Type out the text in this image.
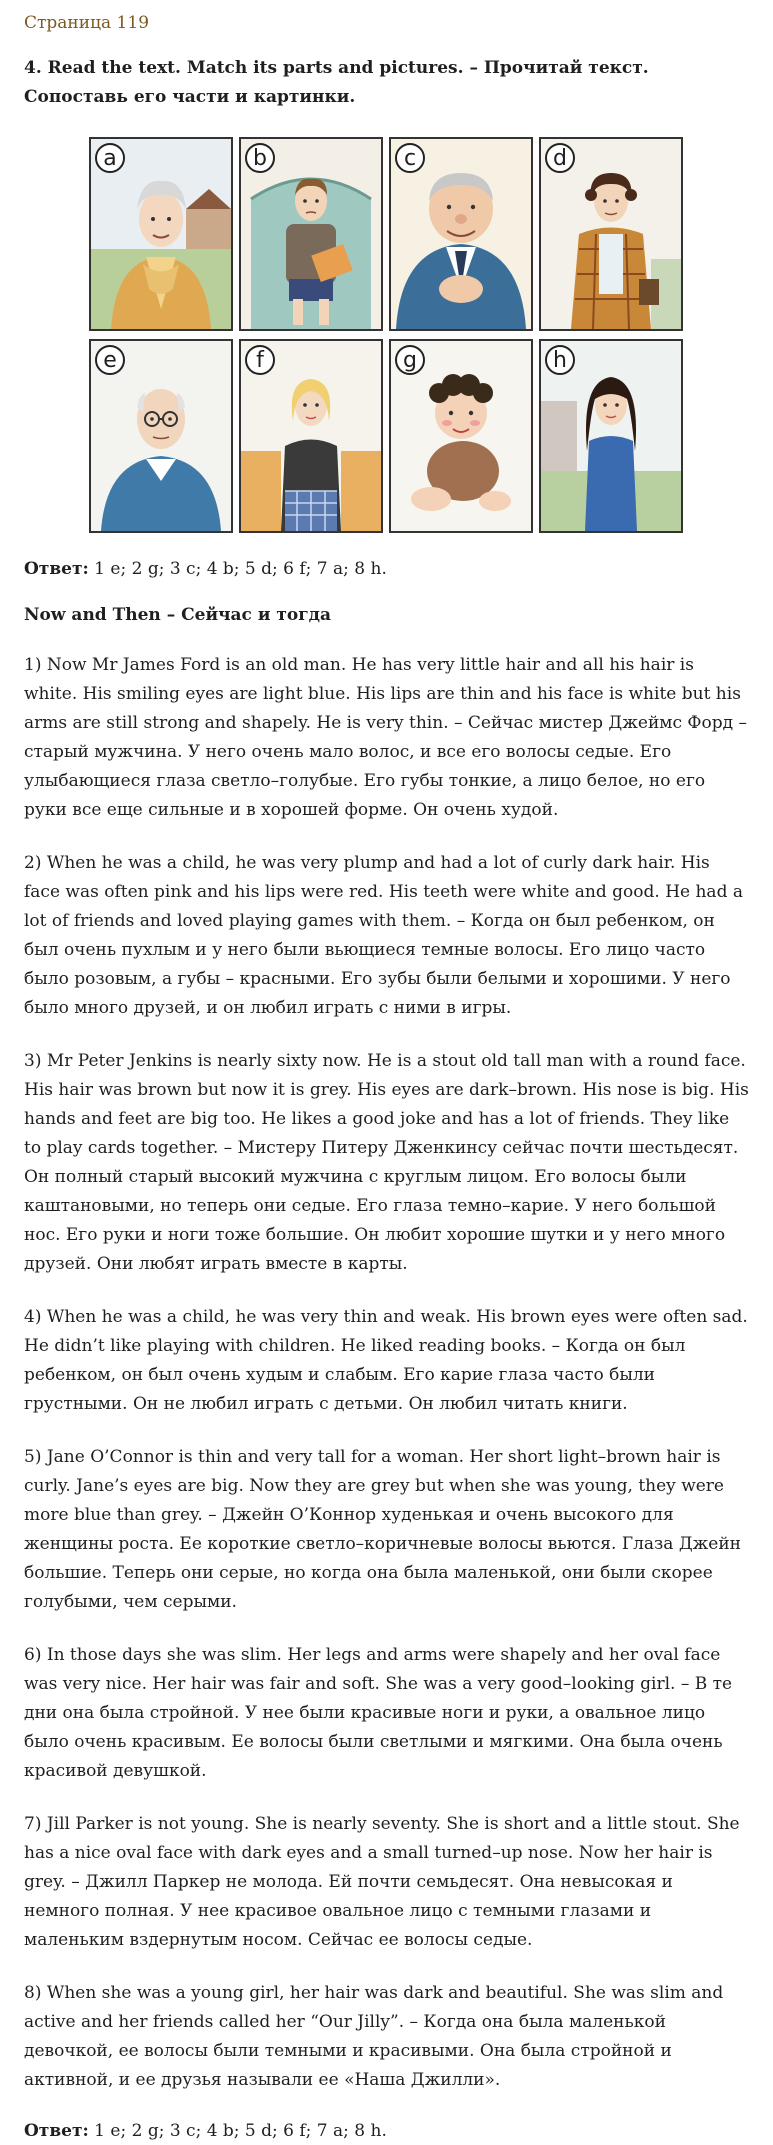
Страница 119
4. Read the text. Match its parts and pictures. – Прочитай текст. Сопоставь его части и картинки.
a	b	c	d
e	f	g	h
Ответ: 1 e; 2 g; 3 c; 4 b; 5 d; 6 f; 7 a; 8 h.
Now and Then – Сейчас и тогда

1) Now Mr James Ford is an old man. He has very little hair and all his hair is white. His smiling eyes are light blue. His lips are thin and his face is white but his arms are still strong and shapely. He is very thin. – Сейчас мистер Джеймс Форд – старый мужчина. У него очень мало волос, и все его волосы седые. Его улыбающиеся глаза светло–голубые. Его губы тонкие, а лицо белое, но его руки все еще сильные и в хорошей форме. Он очень худой.

2) When he was a child, he was very plump and had a lot of curly dark hair. His face was often pink and his lips were red. His teeth were white and good. He had a lot of friends and loved playing games with them. – Когда он был ребенком, он был очень пухлым и у него были вьющиеся темные волосы. Его лицо часто было розовым, а губы – красными. Его зубы были белыми и хорошими. У него было много друзей, и он любил играть с ними в игры.

3) Mr Peter Jenkins is nearly sixty now. He is a stout old tall man with a round face. His hair was brown but now it is grey. His eyes are dark–brown. His nose is big. His hands and feet are big too. He likes a good joke and has a lot of friends. They like to play cards together. – Мистеру Питеру Дженкинсу сейчас почти шестьдесят. Он полный старый высокий мужчина с круглым лицом. Его волосы были каштановыми, но теперь они седые. Его глаза темно–карие. У него большой нос. Его руки и ноги тоже большие. Он любит хорошие шутки и у него много друзей. Они любят играть вместе в карты.

4) When he was a child, he was very thin and weak. His brown eyes were often sad. He didn’t like playing with children. He liked reading books. – Когда он был ребенком, он был очень худым и слабым. Его карие глаза часто были грустными. Он не любил играть с детьми. Он любил читать книги.

5) Jane O’Connor is thin and very tall for a woman. Her short light–brown hair is curly. Jane’s eyes are big. Now they are grey but when she was young, they were more blue than grey. – Джейн О’Коннор худенькая и очень высокого для женщины роста. Ее короткие светло–коричневые волосы вьются. Глаза Джейн большие. Теперь они серые, но когда она была маленькой, они были скорее голубыми, чем серыми.

6) In those days she was slim. Her legs and arms were shapely and her oval face was very nice. Her hair was fair and soft. She was a very good–looking girl. – В те дни она была стройной. У нее были красивые ноги и руки, а овальное лицо было очень красивым. Ее волосы были светлыми и мягкими. Она была очень красивой девушкой.

7) Jill Parker is not young. She is nearly seventy. She is short and a little stout. She has a nice oval face with dark eyes and a small turned–up nose. Now her hair is grey. – Джилл Паркер не молода. Ей почти семьдесят. Она невысокая и немного полная. У нее красивое овальное лицо с темными глазами и маленьким вздернутым носом. Сейчас ее волосы седые.

8) When she was a young girl, her hair was dark and beautiful. She was slim and active and her friends called her “Our Jilly”. – Когда она была маленькой девочкой, ее волосы были темными и красивыми. Она была стройной и активной, и ее друзья называли ее «Наша Джилли».

Ответ: 1 e; 2 g; 3 c; 4 b; 5 d; 6 f; 7 a; 8 h.
